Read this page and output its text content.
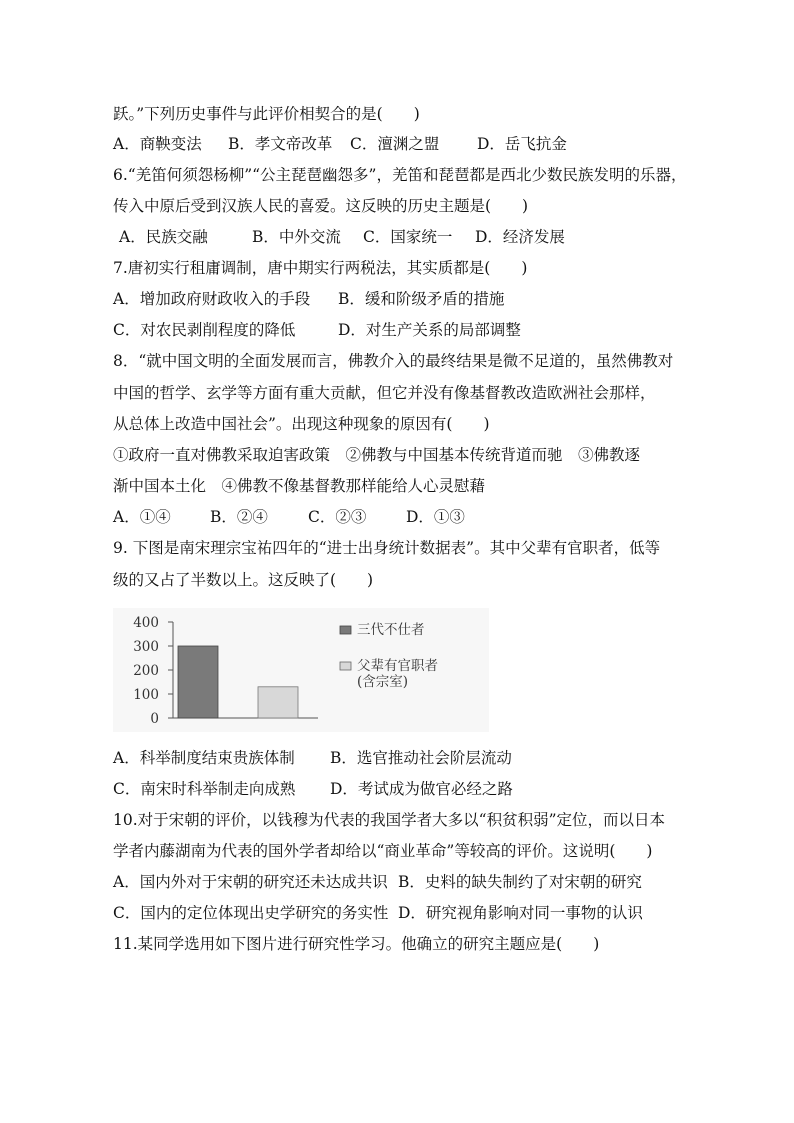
跃。”下列历史事件与此评价相契合的是(　　)
A．商鞅变法 B．孝文帝改革 C．澶渊之盟 D．岳飞抗金
6.“羌笛何须怨杨柳”“公主琵琶幽怨多”，羌笛和琵琶都是西北少数民族发明的乐器，
传入中原后受到汉族人民的喜爱。这反映的历史主题是(　　)
A．民族交融	B．中外交流 C．国家统一 D．经济发展
7.唐初实行租庸调制，唐中期实行两税法，其实质都是(　　)
A．增加政府财政收入的手段 B．缓和阶级矛盾的措施
C．对农民剥削程度的降低	D．对生产关系的局部调整
8．“就中国文明的全面发展而言，佛教介入的最终结果是微不足道的，虽然佛教对
中国的哲学、玄学等方面有重大贡献，但它并没有像基督教改造欧洲社会那样，
从总体上改造中国社会”。出现这种现象的原因有(　　)
①政府一直对佛教采取迫害政策　②佛教与中国基本传统背道而驰　③佛教逐
渐中国本土化　④佛教不像基督教那样能给人心灵慰藉
A．①④	B．②④	C．②③	D．①③
9. 下图是南宋理宗宝祐四年的“进士出身统计数据表”。其中父辈有官职者，低等
级的又占了半数以上。这反映了(　　)
400
300
200
100
0
三代不仕者
父辈有官职者
(含宗室)
A．科举制度结束贵族体制 B．选官推动社会阶层流动
C．南宋时科举制走向成熟 D．考试成为做官必经之路
10.对于宋朝的评价，以钱穆为代表的我国学者大多以“积贫积弱”定位，而以日本
学者内藤湖南为代表的国外学者却给以“商业革命”等较高的评价。这说明(　　)
A．国内外对于宋朝的研究还未达成共识 B．史料的缺失制约了对宋朝的研究
C．国内的定位体现出史学研究的务实性 D．研究视角影响对同一事物的认识
11.某同学选用如下图片进行研究性学习。他确立的研究主题应是(　　)
